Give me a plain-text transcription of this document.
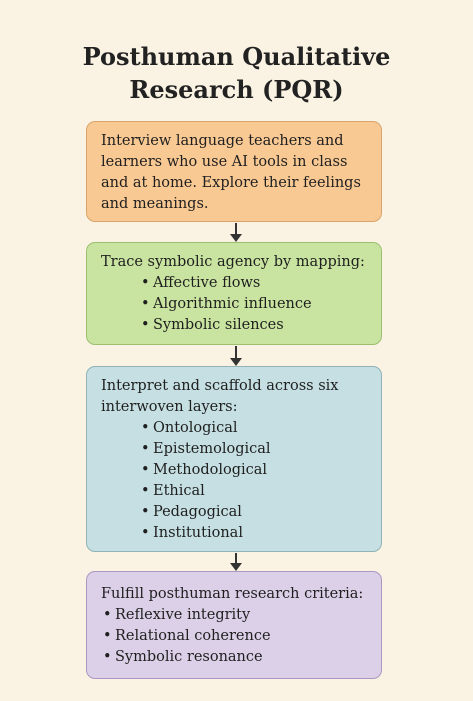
Posthuman Qualitative
Research (PQR)

Interview language teachers and learners who use AI tools in class and at home. Explore their feelings and meanings.

Trace symbolic agency by mapping:

• Affective flows
• Algorithmic influence
• Symbolic silences

Interpret and scaffold across six interwoven layers:

• Ontological
• Epistemological
• Methodological
• Ethical
• Pedagogical
• Institutional

Fulfill posthuman research criteria:

• Reflexive integrity
• Relational coherence
• Symbolic resonance
